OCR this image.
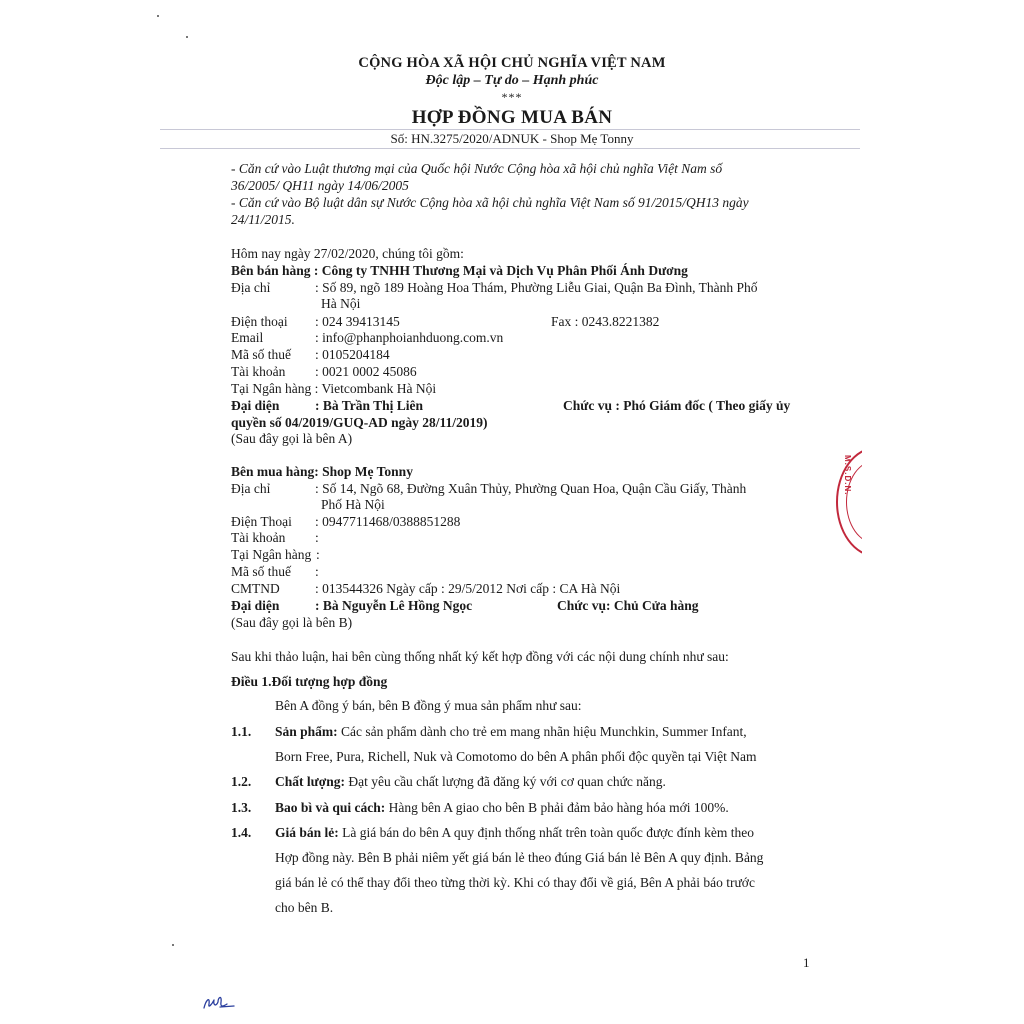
CỘNG HÒA XÃ HỘI CHỦ NGHĨA VIỆT NAM
Độc lập – Tự do – Hạnh phúc
***
HỢP ĐỒNG MUA BÁN
Số: HN.3275/2020/ADNUK - Shop Mẹ Tonny
- Căn cứ vào Luật thương mại của Quốc hội Nước Cộng hòa xã hội chủ nghĩa Việt Nam số
36/2005/ QH11 ngày 14/06/2005
- Căn cứ vào Bộ luật dân sự Nước Cộng hòa xã hội chủ nghĩa Việt Nam số 91/2015/QH13 ngày
24/11/2015.
Hôm nay ngày 27/02/2020, chúng tôi gồm:
Bên bán hàng : Công ty TNHH Thương Mại và Dịch Vụ Phân Phối Ánh Dương
Địa chỉ	: Số 89, ngõ 189 Hoàng Hoa Thám, Phường Liễu Giai, Quận Ba Đình, Thành Phố
Hà Nội
Điện thoại : 024 39413145	Fax : 0243.8221382
Email	: info@phanphoianhduong.com.vn
Mã số thuế : 0105204184
Tài khoản : 0021 0002 45086
Tại Ngân hàng : Vietcombank Hà Nội
Đại diện	: Bà Trần Thị Liên	Chức vụ : Phó Giám đốc ( Theo giấy ủy
quyền số 04/2019/GUQ-AD ngày 28/11/2019)
(Sau đây gọi là bên A)
Bên mua hàng: Shop Mẹ Tonny
Địa chỉ	: Số 14, Ngõ 68, Đường Xuân Thủy, Phường Quan Hoa, Quận Cầu Giấy, Thành
Phố Hà Nội
Điện Thoại : 0947711468/0388851288
Tài khoản :
Tại Ngân hàng :
Mã số thuế :
CMTND	: 013544326 Ngày cấp : 29/5/2012 Nơi cấp : CA Hà Nội
Đại diện	: Bà Nguyễn Lê Hồng Ngọc	Chức vụ: Chủ Cửa hàng
(Sau đây gọi là bên B)
Sau khi thảo luận, hai bên cùng thống nhất ký kết hợp đồng với các nội dung chính như sau:
Điều 1.Đối tượng hợp đồng
Bên A đồng ý bán, bên B đồng ý mua sản phẩm như sau:
1.1. Sản phẩm: Các sản phẩm dành cho trẻ em mang nhãn hiệu Munchkin, Summer Infant,
Born Free, Pura, Richell, Nuk và Comotomo do bên A phân phối độc quyền tại Việt Nam
1.2. Chất lượng: Đạt yêu cầu chất lượng đã đăng ký với cơ quan chức năng.
1.3. Bao bì và qui cách: Hàng bên A giao cho bên B phải đảm bảo hàng hóa mới 100%.
1.4. Giá bán lẻ: Là giá bán do bên A quy định thống nhất trên toàn quốc được đính kèm theo
Hợp đồng này. Bên B phải niêm yết giá bán lẻ theo đúng Giá bán lẻ Bên A quy định. Bảng
giá bán lẻ có thể thay đổi theo từng thời kỳ. Khi có thay đổi về giá, Bên A phải báo trước
cho bên B.
M.S.D.N.
1
